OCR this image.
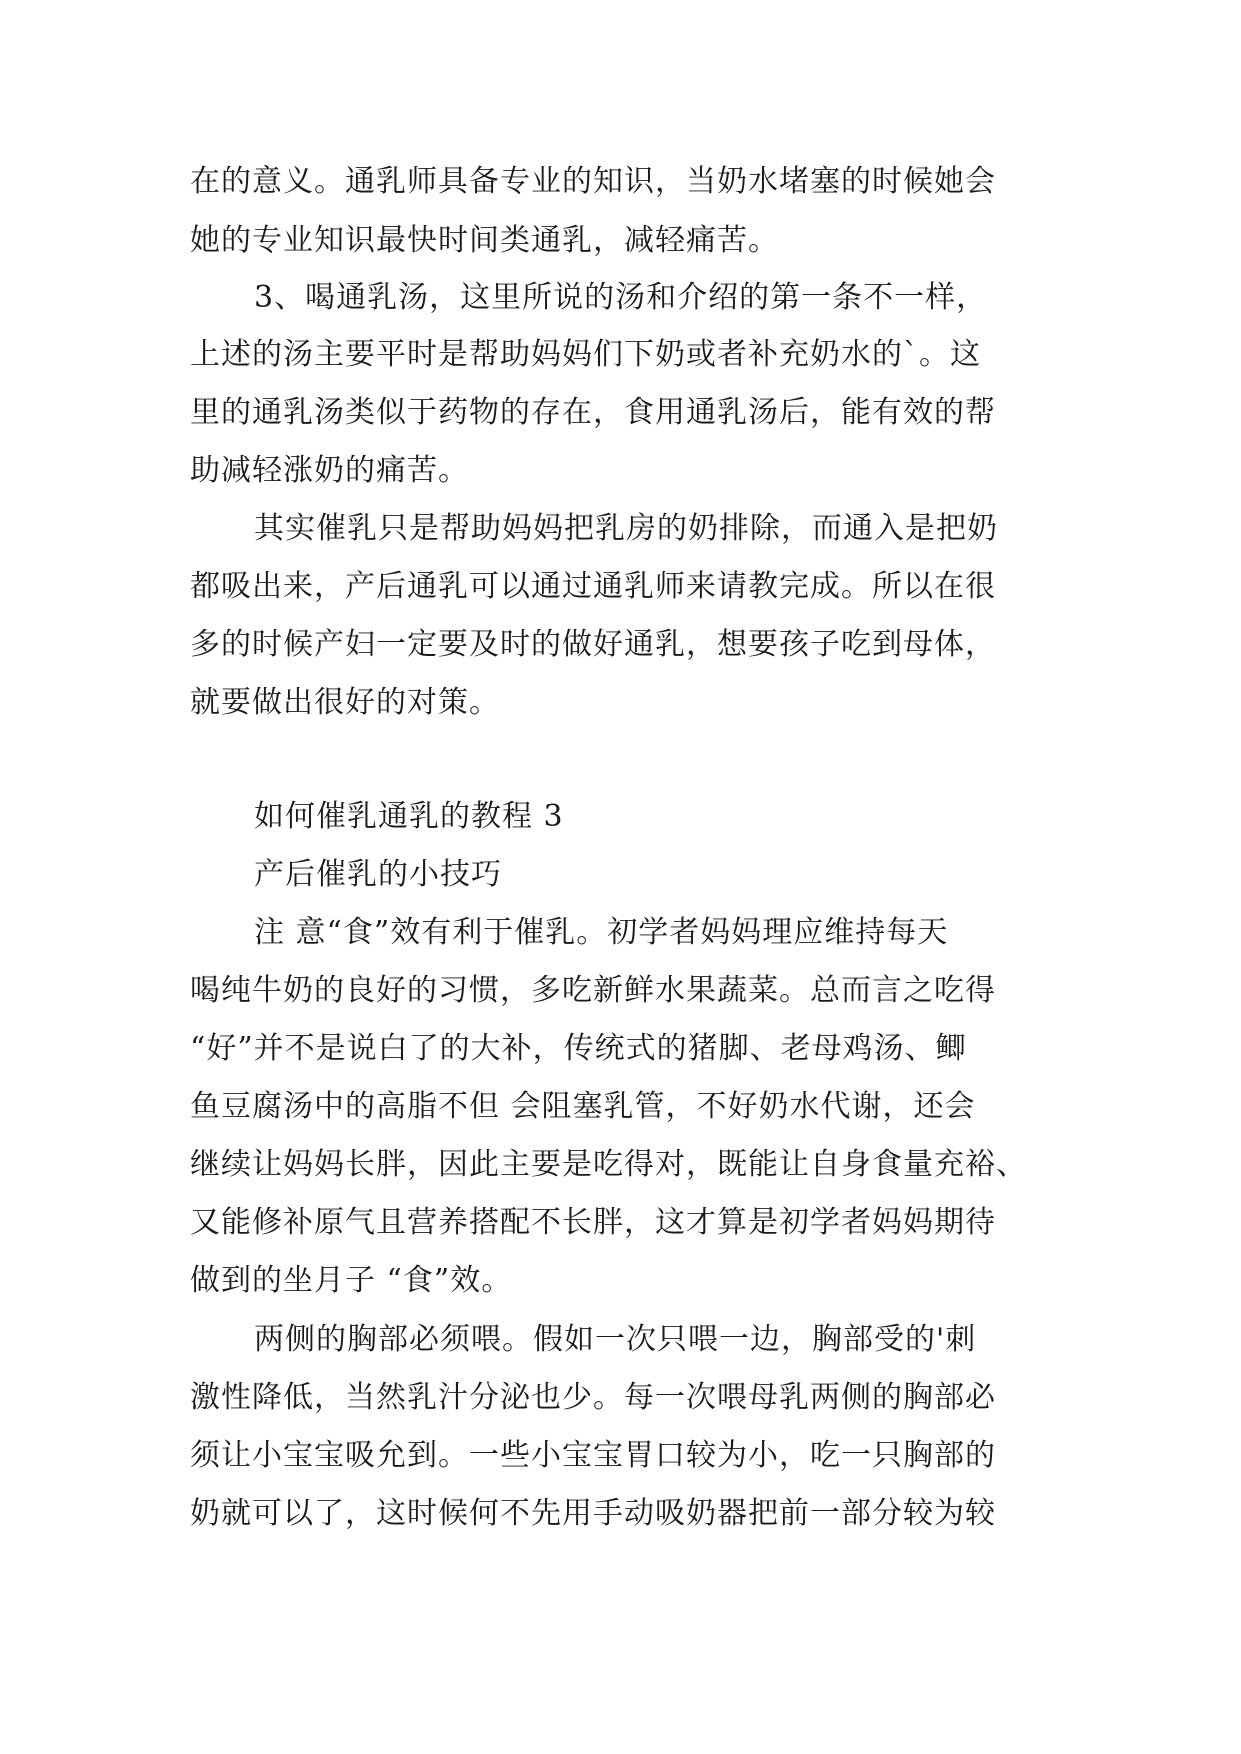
在的意义。通乳师具备专业的知识，当奶水堵塞的时候她会
她的专业知识最快时间类通乳，减轻痛苦。
3、喝通乳汤，这里所说的汤和介绍的第一条不一样，
上述的汤主要平时是帮助妈妈们下奶或者补充奶水的`。这
里的通乳汤类似于药物的存在，食用通乳汤后，能有效的帮
助减轻涨奶的痛苦。
其实催乳只是帮助妈妈把乳房的奶排除，而通入是把奶
都吸出来，产后通乳可以通过通乳师来请教完成。所以在很
多的时候产妇一定要及时的做好通乳，想要孩子吃到母体，
就要做出很好的对策。
如何催乳通乳的教程 3
产后催乳的小技巧
注 意“食”效有利于催乳。初学者妈妈理应维持每天
喝纯牛奶的良好的习惯，多吃新鲜水果蔬菜。总而言之吃得
“好”并不是说白了的大补，传统式的猪脚、老母鸡汤、鲫
鱼豆腐汤中的高脂不但 会阻塞乳管，不好奶水代谢，还会
继续让妈妈长胖，因此主要是吃得对，既能让自身食量充裕、
又能修补原气且营养搭配不长胖，这才算是初学者妈妈期待
做到的坐月子 “食”效。
两侧的胸部必须喂。假如一次只喂一边，胸部受的'刺
激性降低，当然乳汁分泌也少。每一次喂母乳两侧的胸部必
须让小宝宝吸允到。一些小宝宝胃口较为小，吃一只胸部的
奶就可以了，这时候何不先用手动吸奶器把前一部分较为较
